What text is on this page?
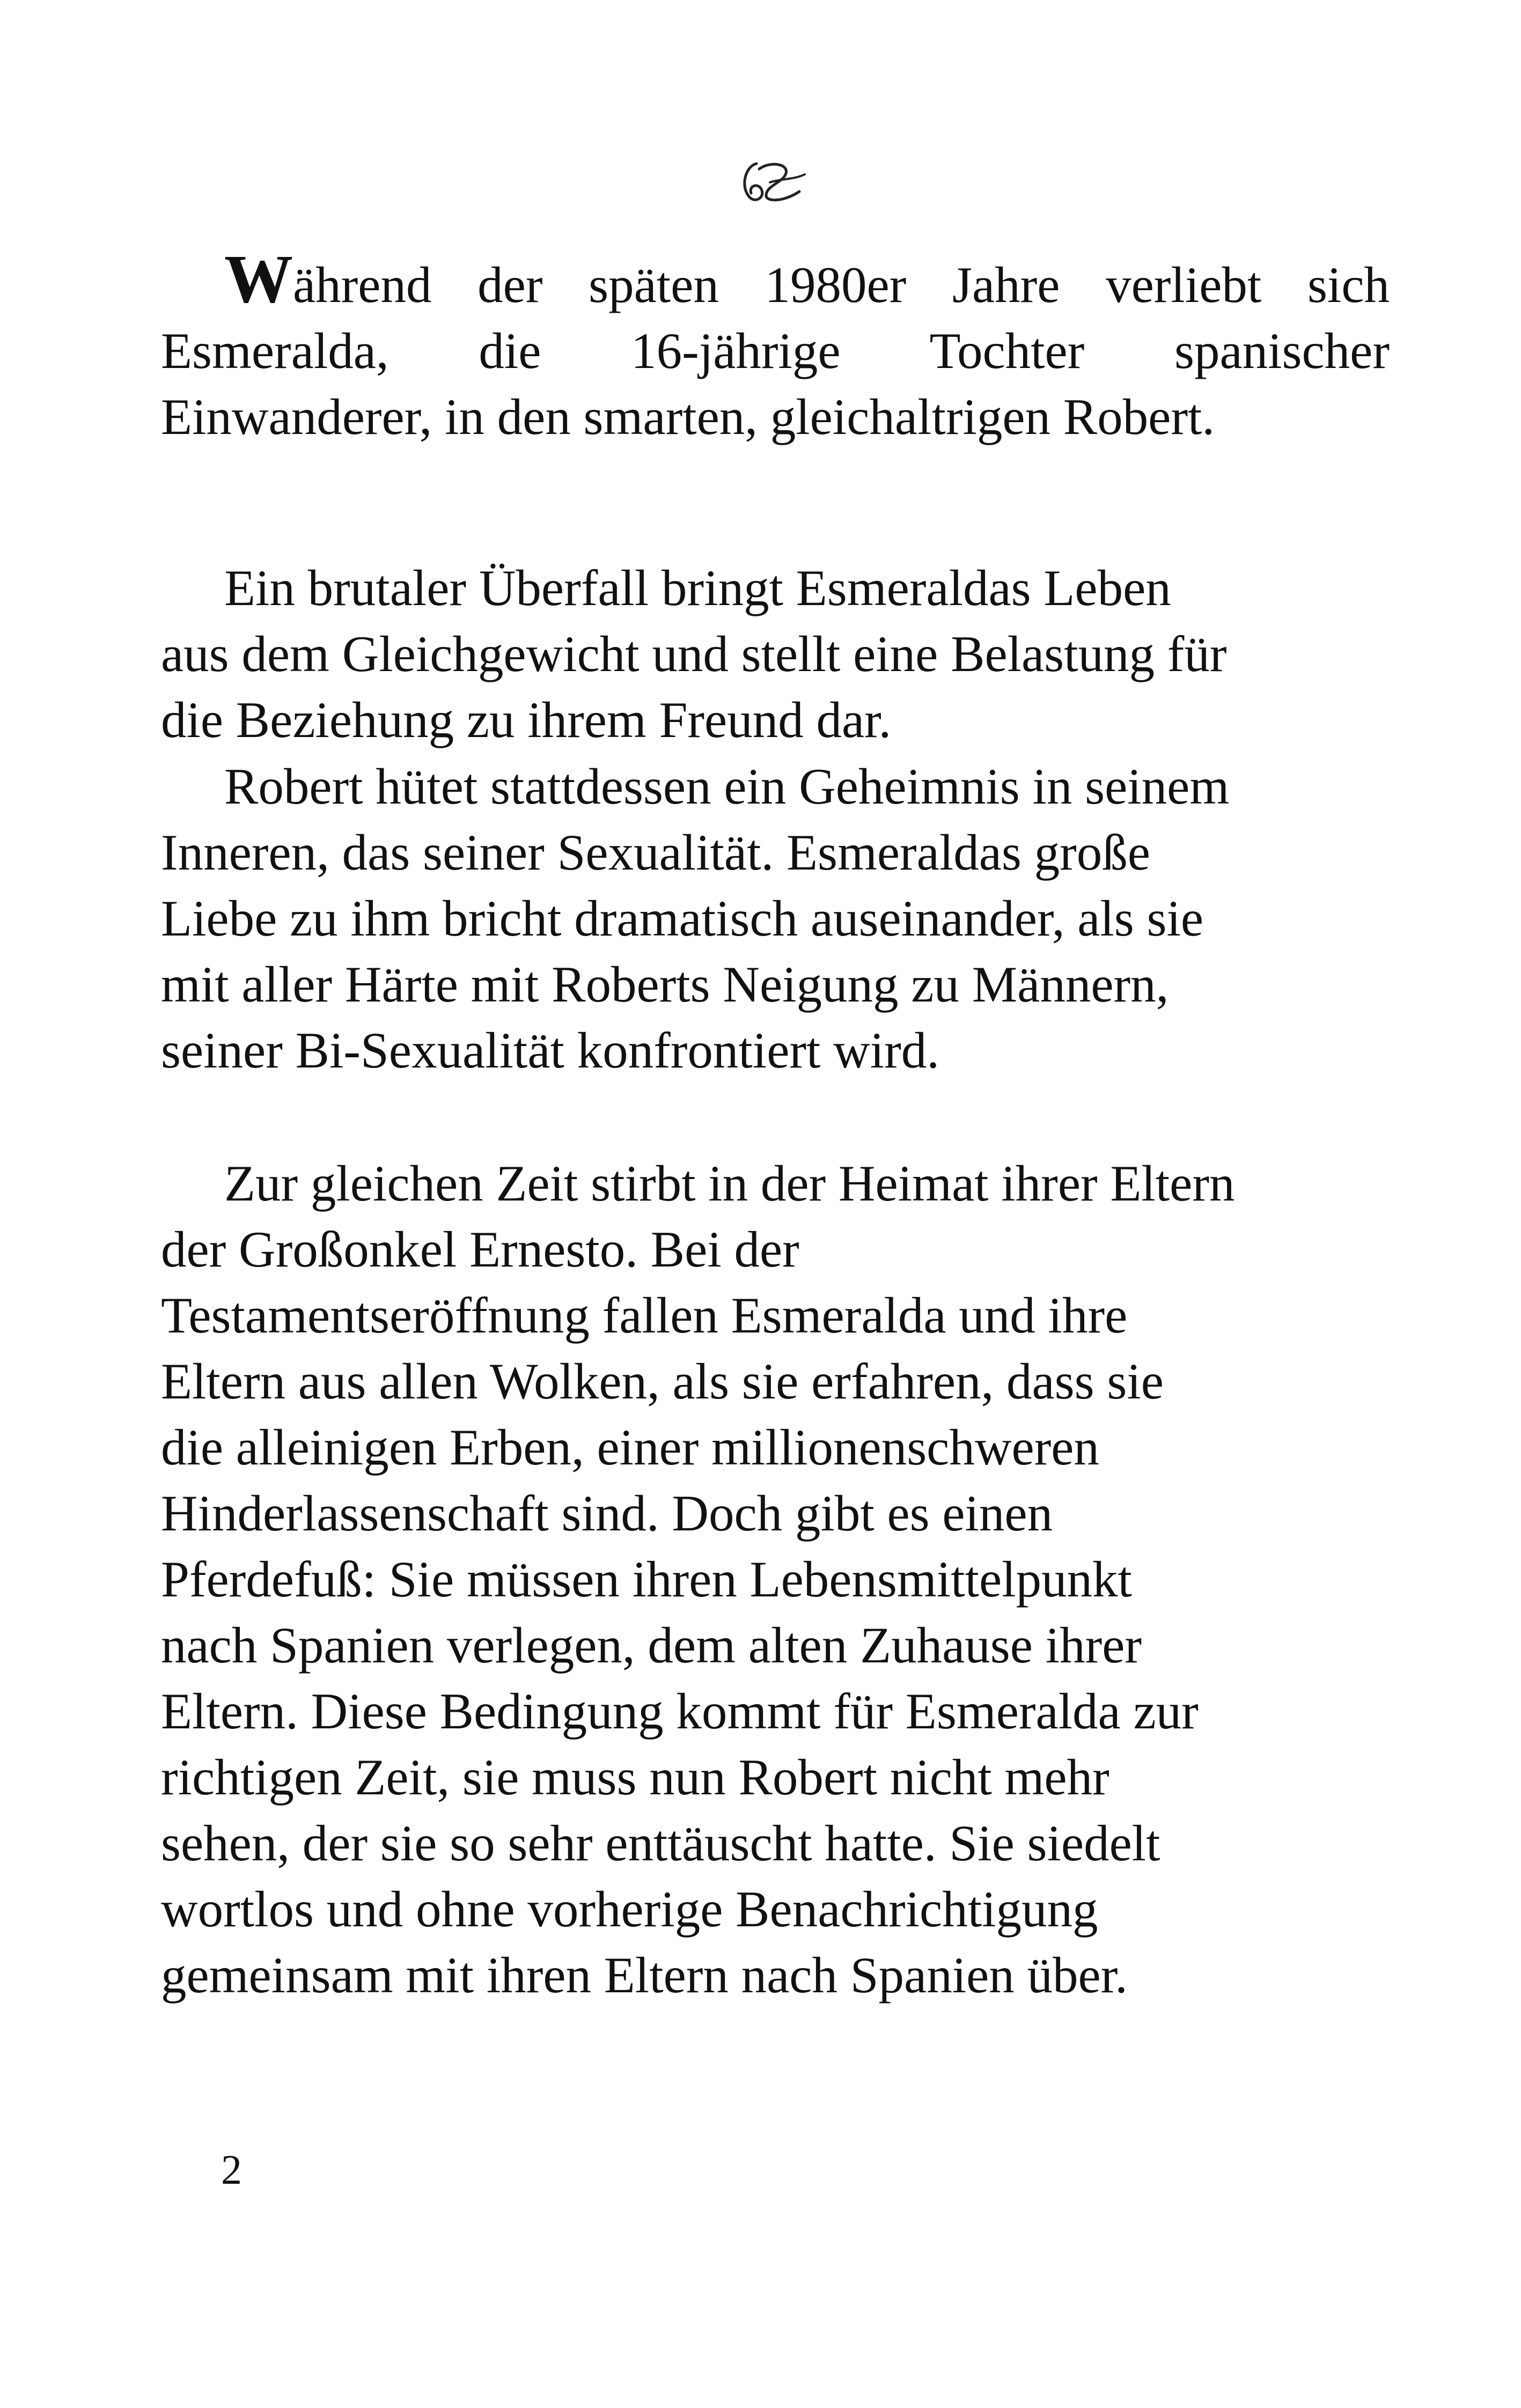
Während der späten 1980er Jahre verliebt sich
Esmeralda, die 16-jährige Tochter spanischer
Einwanderer, in den smarten, gleichaltrigen Robert.
Ein brutaler Überfall bringt Esmeraldas Leben
aus dem Gleichgewicht und stellt eine Belastung für
die Beziehung zu ihrem Freund dar.
Robert hütet stattdessen ein Geheimnis in seinem
Inneren, das seiner Sexualität. Esmeraldas große
Liebe zu ihm bricht dramatisch auseinander, als sie
mit aller Härte mit Roberts Neigung zu Männern,
seiner Bi-Sexualität konfrontiert wird.
Zur gleichen Zeit stirbt in der Heimat ihrer Eltern
der Großonkel Ernesto. Bei der
Testamentseröffnung fallen Esmeralda und ihre
Eltern aus allen Wolken, als sie erfahren, dass sie
die alleinigen Erben, einer millionenschweren
Hinderlassenschaft sind. Doch gibt es einen
Pferdefuß: Sie müssen ihren Lebensmittelpunkt
nach Spanien verlegen, dem alten Zuhause ihrer
Eltern. Diese Bedingung kommt für Esmeralda zur
richtigen Zeit, sie muss nun Robert nicht mehr
sehen, der sie so sehr enttäuscht hatte. Sie siedelt
wortlos und ohne vorherige Benachrichtigung
gemeinsam mit ihren Eltern nach Spanien über.
2
